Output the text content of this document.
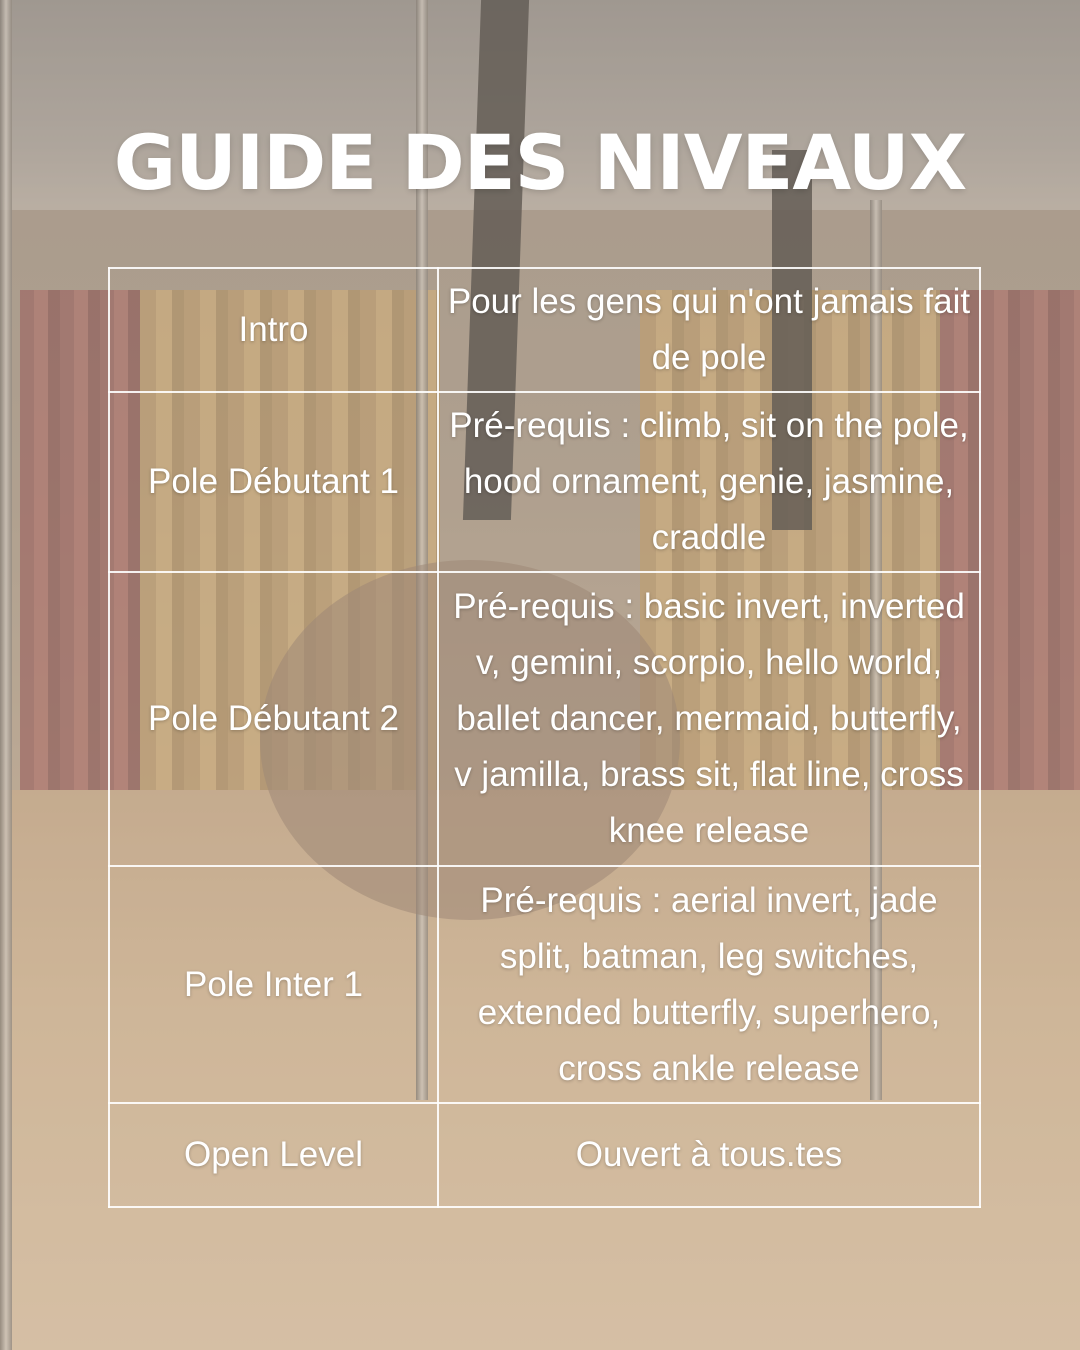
GUIDE DES NIVEAUX
Intro	Pour les gens qui n'ont jamais fait de pole
Pole Débutant 1	Pré-requis : climb, sit on the pole, hood ornament, genie, jasmine, craddle
Pole Débutant 2	Pré-requis : basic invert, inverted v, gemini, scorpio, hello world, ballet dancer, mermaid, butterfly, v jamilla, brass sit, flat line, cross knee release
Pole Inter 1	Pré-requis : aerial invert, jade split, batman, leg switches, extended butterfly, superhero, cross ankle release
Open Level	Ouvert à tous.tes
